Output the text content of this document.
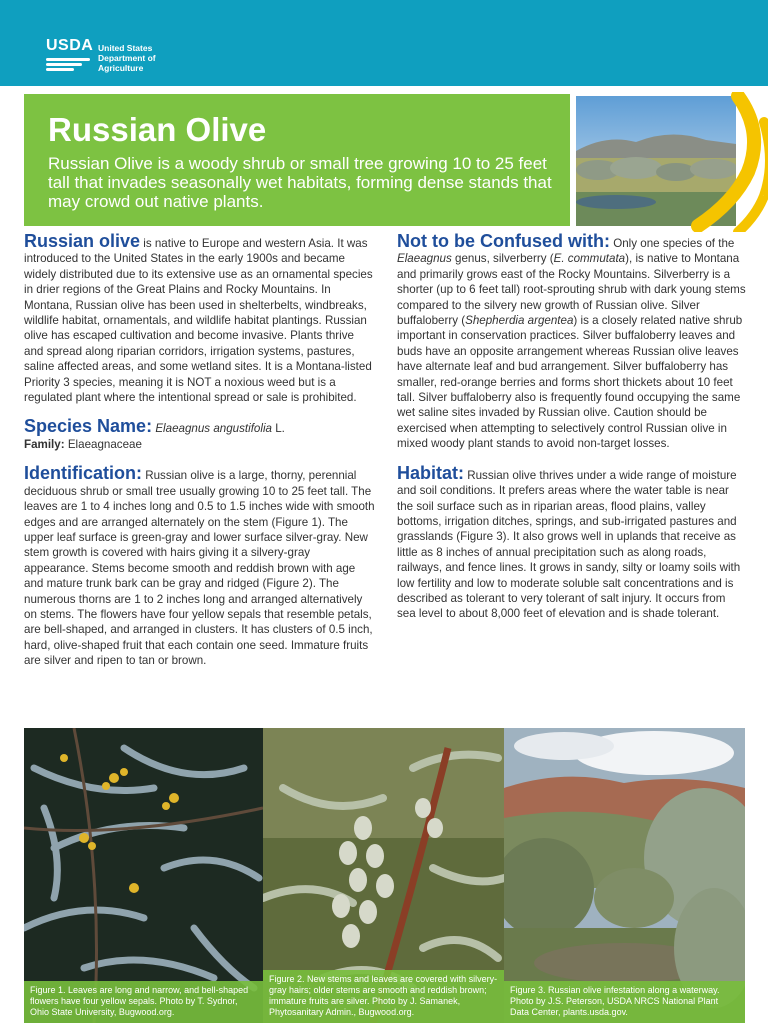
USDA United States
Department of
Agriculture
Russian Olive

Russian Olive is a woody shrub or small tree growing 10 to 25 feet tall that invades seasonally wet habitats, forming dense stands that may crowd out native plants.

Russian olive is native to Europe and western Asia. It was introduced to the United States in the early 1900s and became widely distributed due to its extensive use as an ornamental species in drier regions of the Great Plains and Rocky Mountains. In Montana, Russian olive has been used in shelterbelts, windbreaks, wildlife habitat, ornamentals, and wildlife habitat plantings. Russian olive has escaped cultivation and become invasive. Plants thrive and spread along riparian corridors, irrigation systems, pastures, saline affected areas, and some wetland sites. It is a Montana-listed Priority 3 species, meaning it is NOT a noxious weed but is a regulated plant where the intentional spread or sale is prohibited.

Species Name: Elaeagnus angustifolia L.
Family: Elaeagnaceae

Identification: Russian olive is a large, thorny, perennial deciduous shrub or small tree usually growing 10 to 25 feet tall. The leaves are 1 to 4 inches long and 0.5 to 1.5 inches wide with smooth edges and are arranged alternately on the stem (Figure 1). The upper leaf surface is green-gray and lower surface silver-gray. New stem growth is covered with hairs giving it a silvery-gray appearance. Stems become smooth and reddish brown with age and mature trunk bark can be gray and ridged (Figure 2). The numerous thorns are 1 to 2 inches long and arranged alternatively on stems. The flowers have four yellow sepals that resemble petals, are bell-shaped, and arranged in clusters. It has clusters of 0.5 inch, hard, olive-shaped fruit that each contain one seed. Immature fruits are silver and ripen to tan or brown.

Not to be Confused with: Only one species of the Elaeagnus genus, silverberry (E. commutata), is native to Montana and primarily grows east of the Rocky Mountains. Silverberry is a shorter (up to 6 feet tall) root-sprouting shrub with dark young stems compared to the silvery new growth of Russian olive. Silver buffaloberry (Shepherdia argentea) is a closely related native shrub important in conservation practices. Silver buffaloberry leaves and buds have an opposite arrangement whereas Russian olive leaves have alternate leaf and bud arrangement. Silver buffaloberry has smaller, red-orange berries and forms short thickets about 10 feet tall. Silver buffaloberry also is frequently found occupying the same wet saline sites invaded by Russian olive. Caution should be exercised when attempting to selectively control Russian olive in mixed woody plant stands to avoid non-target losses.

Habitat: Russian olive thrives under a wide range of moisture and soil conditions. It prefers areas where the water table is near the soil surface such as in riparian areas, flood plains, valley bottoms, irrigation ditches, springs, and sub-irrigated pastures and grasslands (Figure 3). It also grows well in uplands that receive as little as 8 inches of annual precipitation such as along roads, railways, and fence lines. It grows in sandy, silty or loamy soils with low fertility and low to moderate soluble salt concentrations and is described as tolerant to very tolerant of salt injury. It occurs from sea level to about 8,000 feet of elevation and is shade tolerant.

Figure 1. Leaves are long and narrow, and bell-shaped flowers have four yellow sepals. Photo by T. Sydnor, Ohio State University, Bugwood.org.
Figure 2. New stems and leaves are covered with silvery-gray hairs; older stems are smooth and reddish brown; immature fruits are silver. Photo by J. Samanek, Phytosanitary Admin., Bugwood.org.
Figure 3. Russian olive infestation along a waterway. Photo by J.S. Peterson, USDA NRCS National Plant Data Center, plants.usda.gov.
